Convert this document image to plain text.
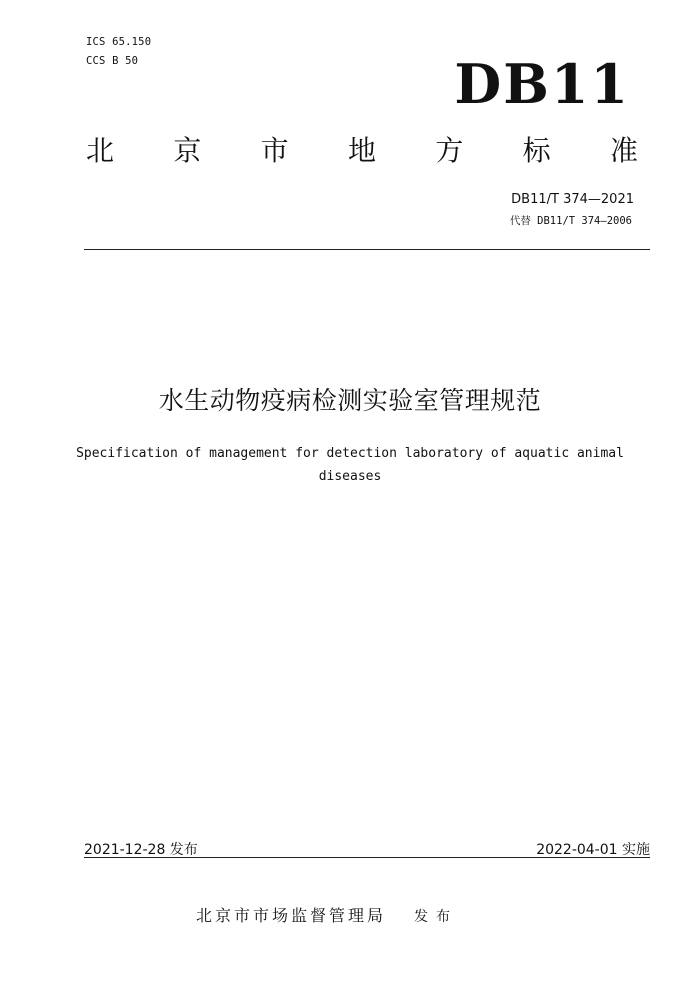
ICS 65.150
CCS B 50	DB11
北 京 市 地 方 标 准
DB11/T 374—2021
代替 DB11/T 374—2006
水生动物疫病检测实验室管理规范
Specification of management for detection laboratory of aquatic animal
diseases
2021-12-28 发布	2022-04-01 实施
北京市市场监督管理局 发布
